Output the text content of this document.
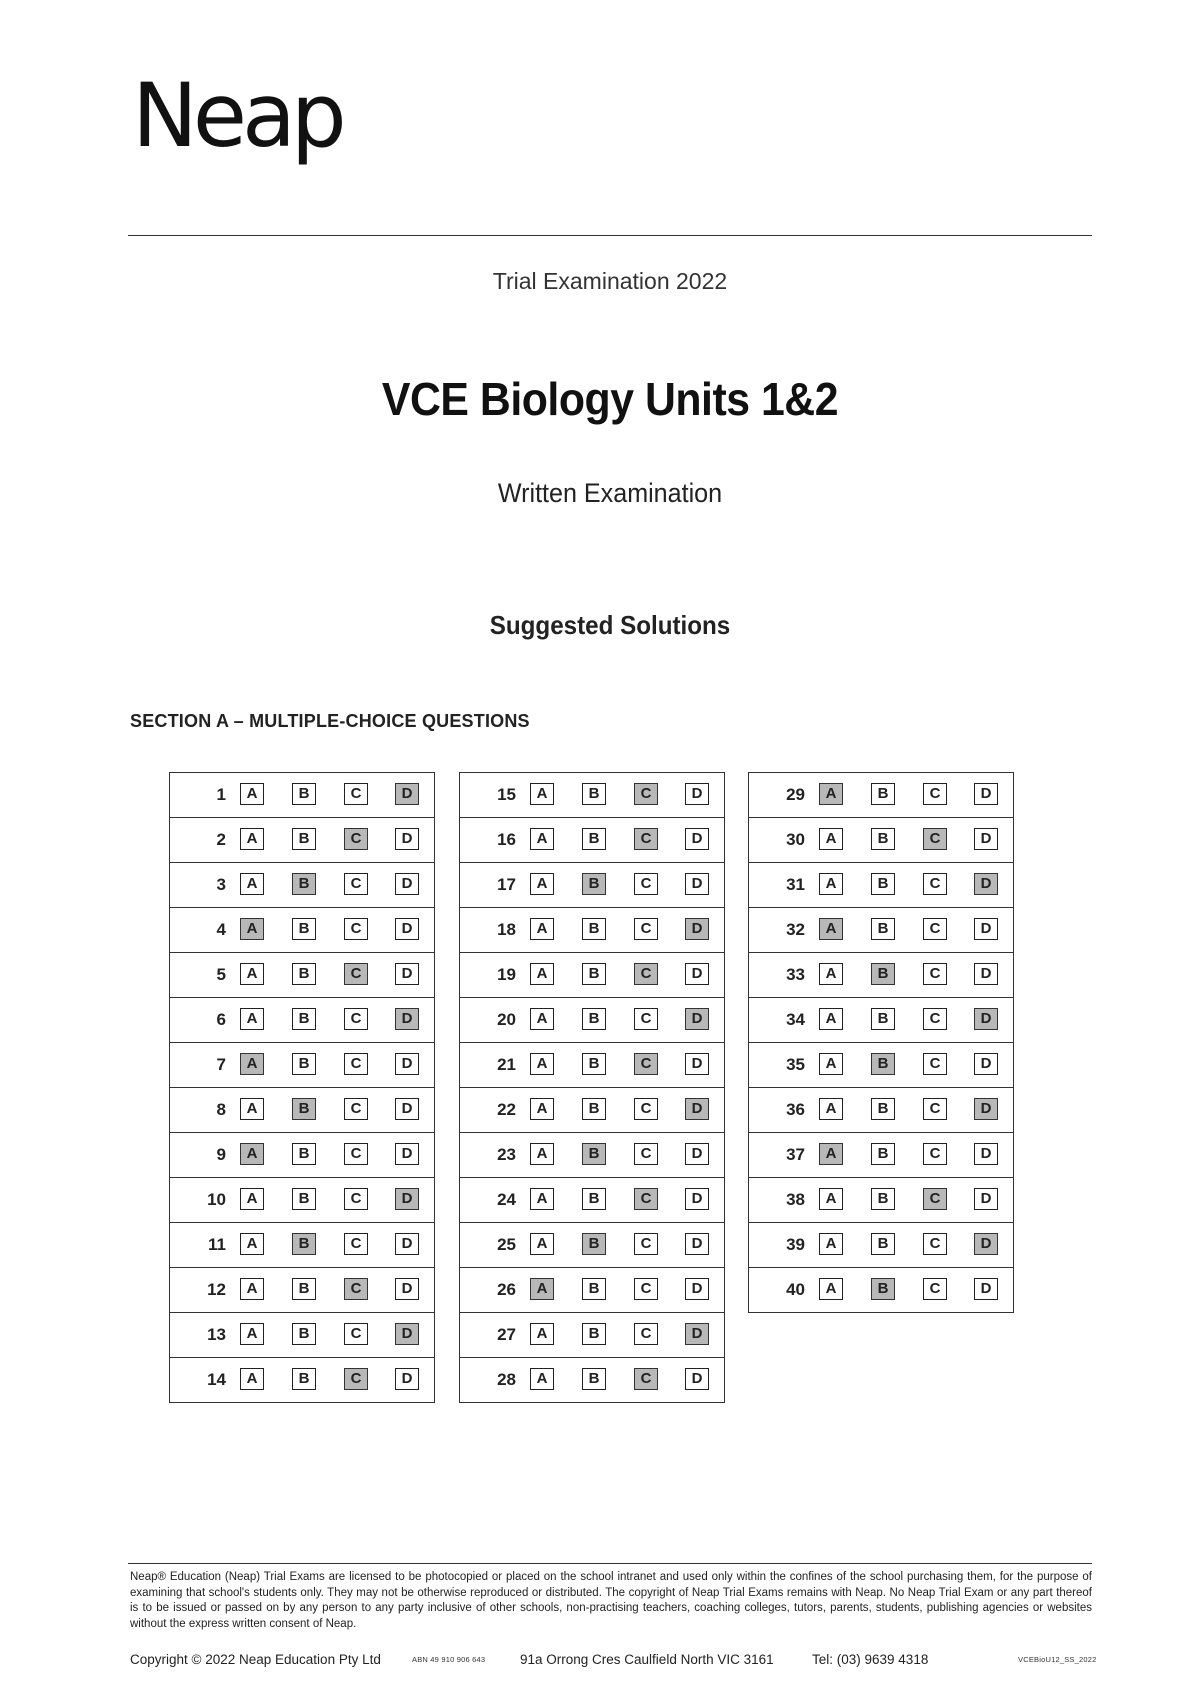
Neap
Trial Examination 2022
VCE Biology Units 1&2
Written Examination
Suggested Solutions
SECTION A – MULTIPLE-CHOICE QUESTIONS
1	A	B	C	D
2	A	B	C	D
3	A	B	C	D
4	A	B	C	D
5	A	B	C	D
6	A	B	C	D
7	A	B	C	D
8	A	B	C	D
9	A	B	C	D
10	A	B	C	D
11	A	B	C	D
12	A	B	C	D
13	A	B	C	D
14	A	B	C	D
15	A	B	C	D
16	A	B	C	D
17	A	B	C	D
18	A	B	C	D
19	A	B	C	D
20	A	B	C	D
21	A	B	C	D
22	A	B	C	D
23	A	B	C	D
24	A	B	C	D
25	A	B	C	D
26	A	B	C	D
27	A	B	C	D
28	A	B	C	D
29	A	B	C	D
30	A	B	C	D
31	A	B	C	D
32	A	B	C	D
33	A	B	C	D
34	A	B	C	D
35	A	B	C	D
36	A	B	C	D
37	A	B	C	D
38	A	B	C	D
39	A	B	C	D
40	A	B	C	D
Neap® Education (Neap) Trial Exams are licensed to be photocopied or placed on the school intranet and used only within the confines of the school purchasing them, for the purpose of examining that school's students only. They may not be otherwise reproduced or distributed. The copyright of Neap Trial Exams remains with Neap. No Neap Trial Exam or any part thereof is to be issued or passed on by any person to any party inclusive of other schools, non-practising teachers, coaching colleges, tutors, parents, students, publishing agencies or websites without the express written consent of Neap.
Copyright © 2022 Neap Education Pty Ltd	ABN 49 910 906 643	91a Orrong Cres Caulfield North VIC 3161	Tel: (03) 9639 4318	VCEBioU12_SS_2022
